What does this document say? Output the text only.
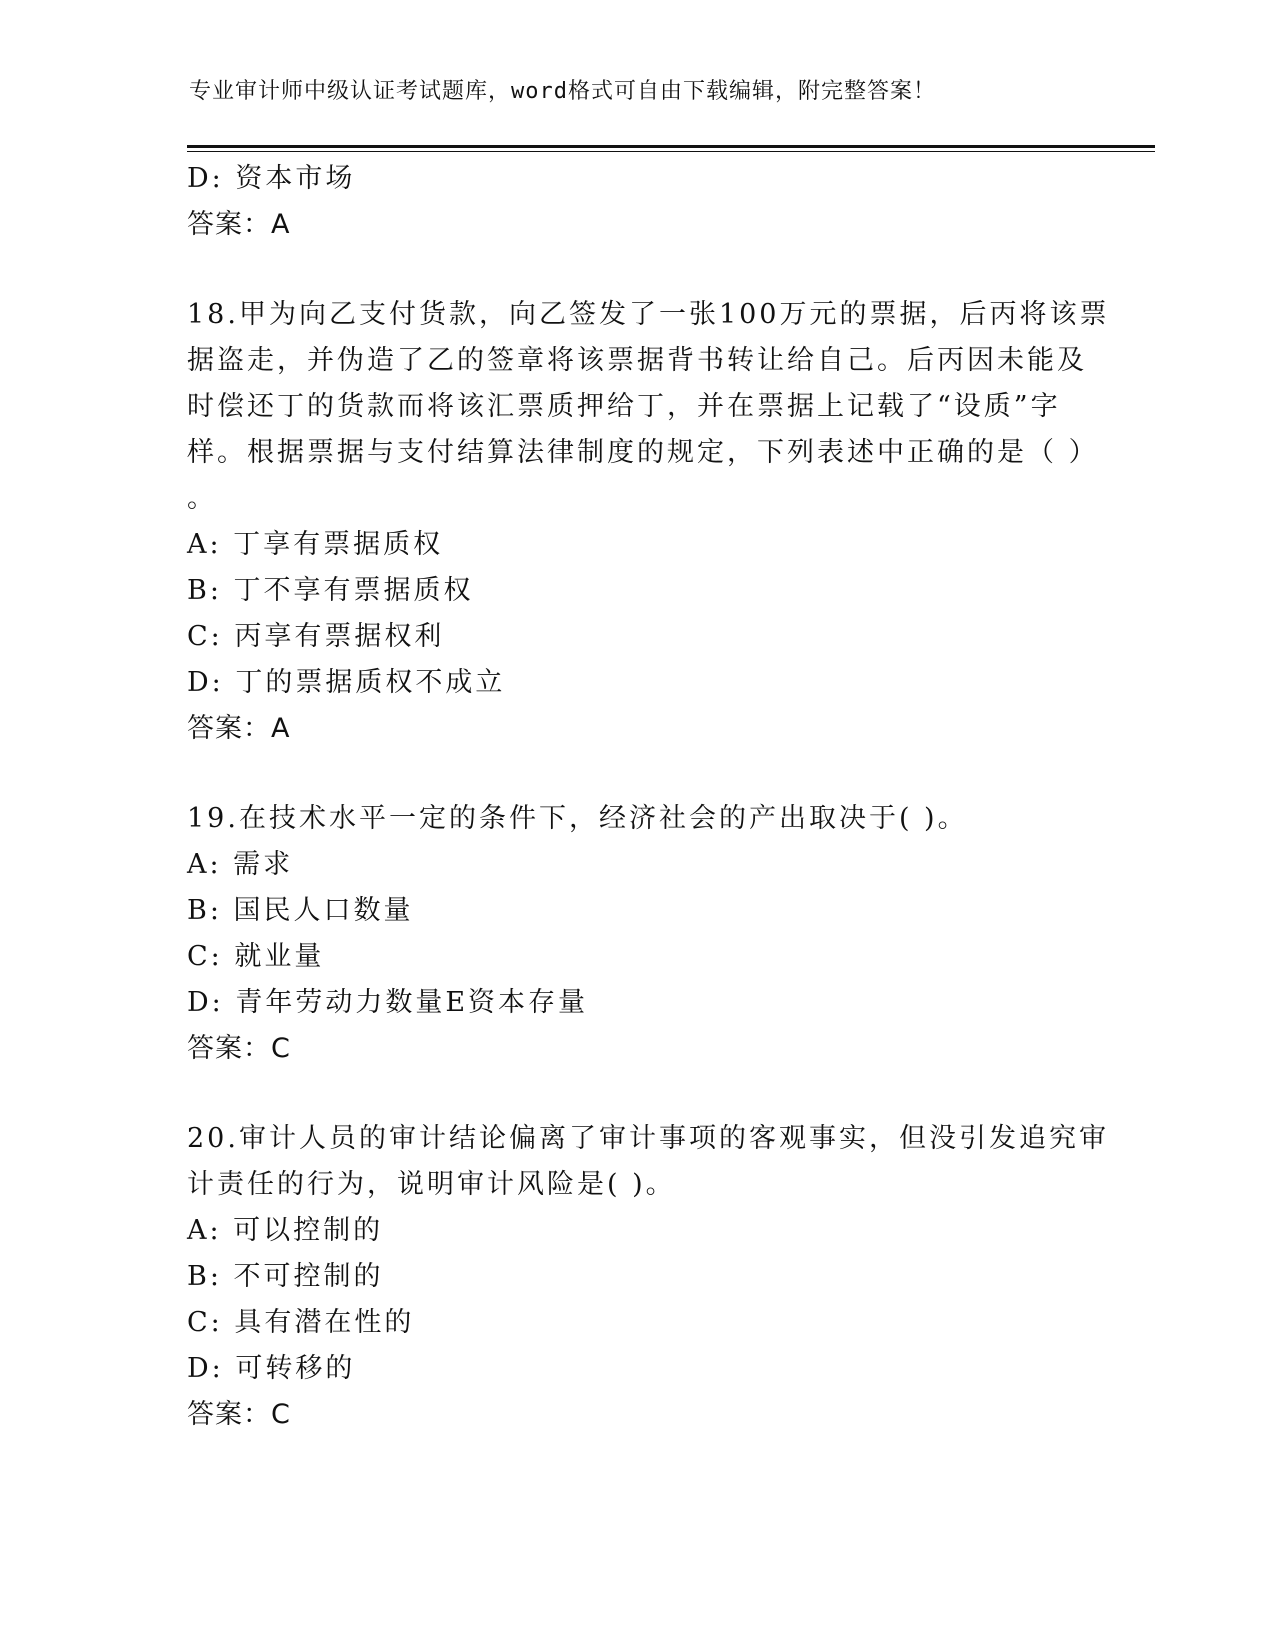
专业审计师中级认证考试题库，word格式可自由下载编辑，附完整答案！
D: 资本市场
答案：A
18.甲为向乙支付货款，向乙签发了一张100万元的票据，后丙将该票
据盗走，并伪造了乙的签章将该票据背书转让给自己。后丙因未能及
时偿还丁的货款而将该汇票质押给丁，并在票据上记载了“设质”字
样。根据票据与支付结算法律制度的规定，下列表述中正确的是（ ）
。
A: 丁享有票据质权
B: 丁不享有票据质权
C: 丙享有票据权利
D: 丁的票据质权不成立
答案：A
19.在技术水平一定的条件下，经济社会的产出取决于( )。
A: 需求
B: 国民人口数量
C: 就业量
D: 青年劳动力数量E资本存量
答案：C
20.审计人员的审计结论偏离了审计事项的客观事实，但没引发追究审
计责任的行为，说明审计风险是( )。
A: 可以控制的
B: 不可控制的
C: 具有潜在性的
D: 可转移的
答案：C
